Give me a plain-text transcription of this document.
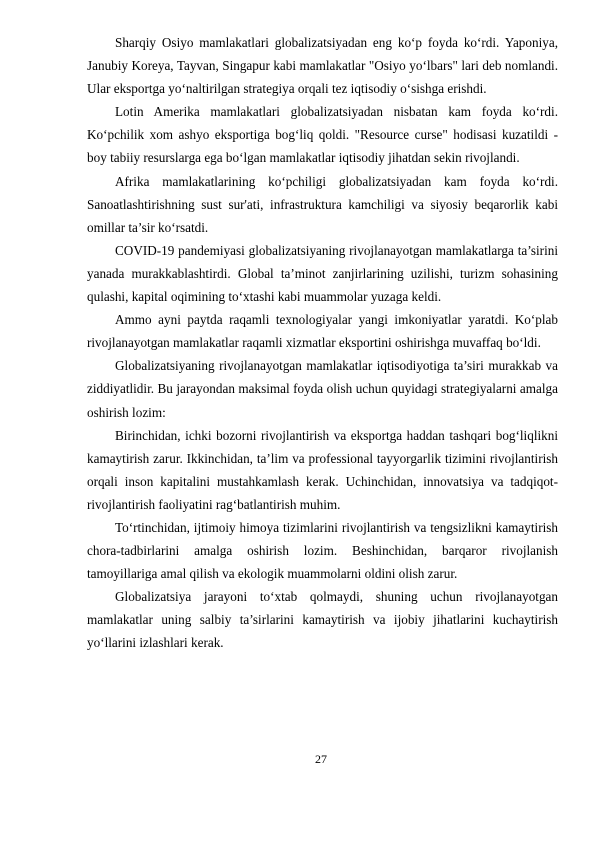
Sharqiy Osiyo mamlakatlari globalizatsiyadan eng ko‘p foyda ko‘rdi. Yaponiya, Janubiy Koreya, Tayvan, Singapur kabi mamlakatlar "Osiyo yo‘lbars" lari deb nomlandi. Ular eksportga yo‘naltirilgan strategiya orqali tez iqtisodiy o‘sishga erishdi.

Lotin Amerika mamlakatlari globalizatsiyadan nisbatan kam foyda ko‘rdi. Ko‘pchilik xom ashyo eksportiga bog‘liq qoldi. "Resource curse" hodisasi kuzatildi - boy tabiiy resurslarga ega bo‘lgan mamlakatlar iqtisodiy jihatdan sekin rivojlandi.

Afrika mamlakatlarining ko‘pchiligi globalizatsiyadan kam foyda ko‘rdi. Sanoatlashtirishning sust sur'ati, infrastruktura kamchiligi va siyosiy beqarorlik kabi omillar ta’sir ko‘rsatdi.

COVID-19 pandemiyasi globalizatsiyaning rivojlanayotgan mamlakatlarga ta’sirini yanada murakkablashtirdi. Global ta’minot zanjirlarining uzilishi, turizm sohasining qulashi, kapital oqimining to‘xtashi kabi muammolar yuzaga keldi.

Ammo ayni paytda raqamli texnologiyalar yangi imkoniyatlar yaratdi. Ko‘plab rivojlanayotgan mamlakatlar raqamli xizmatlar eksportini oshirishga muvaffaq bo‘ldi.

Globalizatsiyaning rivojlanayotgan mamlakatlar iqtisodiyotiga ta’siri murakkab va ziddiyatlidir. Bu jarayondan maksimal foyda olish uchun quyidagi strategiyalarni amalga oshirish lozim:

Birinchidan, ichki bozorni rivojlantirish va eksportga haddan tashqari bog‘liqlikni kamaytirish zarur. Ikkinchidan, ta’lim va professional tayyorgarlik tizimini rivojlantirish orqali inson kapitalini mustahkamlash kerak. Uchinchidan, innovatsiya va tadqiqot-rivojlantirish faoliyatini rag‘batlantirish muhim.

To‘rtinchidan, ijtimoiy himoya tizimlarini rivojlantirish va tengsizlikni kamaytirish chora-tadbirlarini amalga oshirish lozim. Beshinchidan, barqaror rivojlanish tamoyillariga amal qilish va ekologik muammolarni oldini olish zarur.

Globalizatsiya jarayoni to‘xtab qolmaydi, shuning uchun rivojlanayotgan mamlakatlar uning salbiy ta’sirlarini kamaytirish va ijobiy jihatlarini kuchaytirish yo‘llarini izlashlari kerak.

27
